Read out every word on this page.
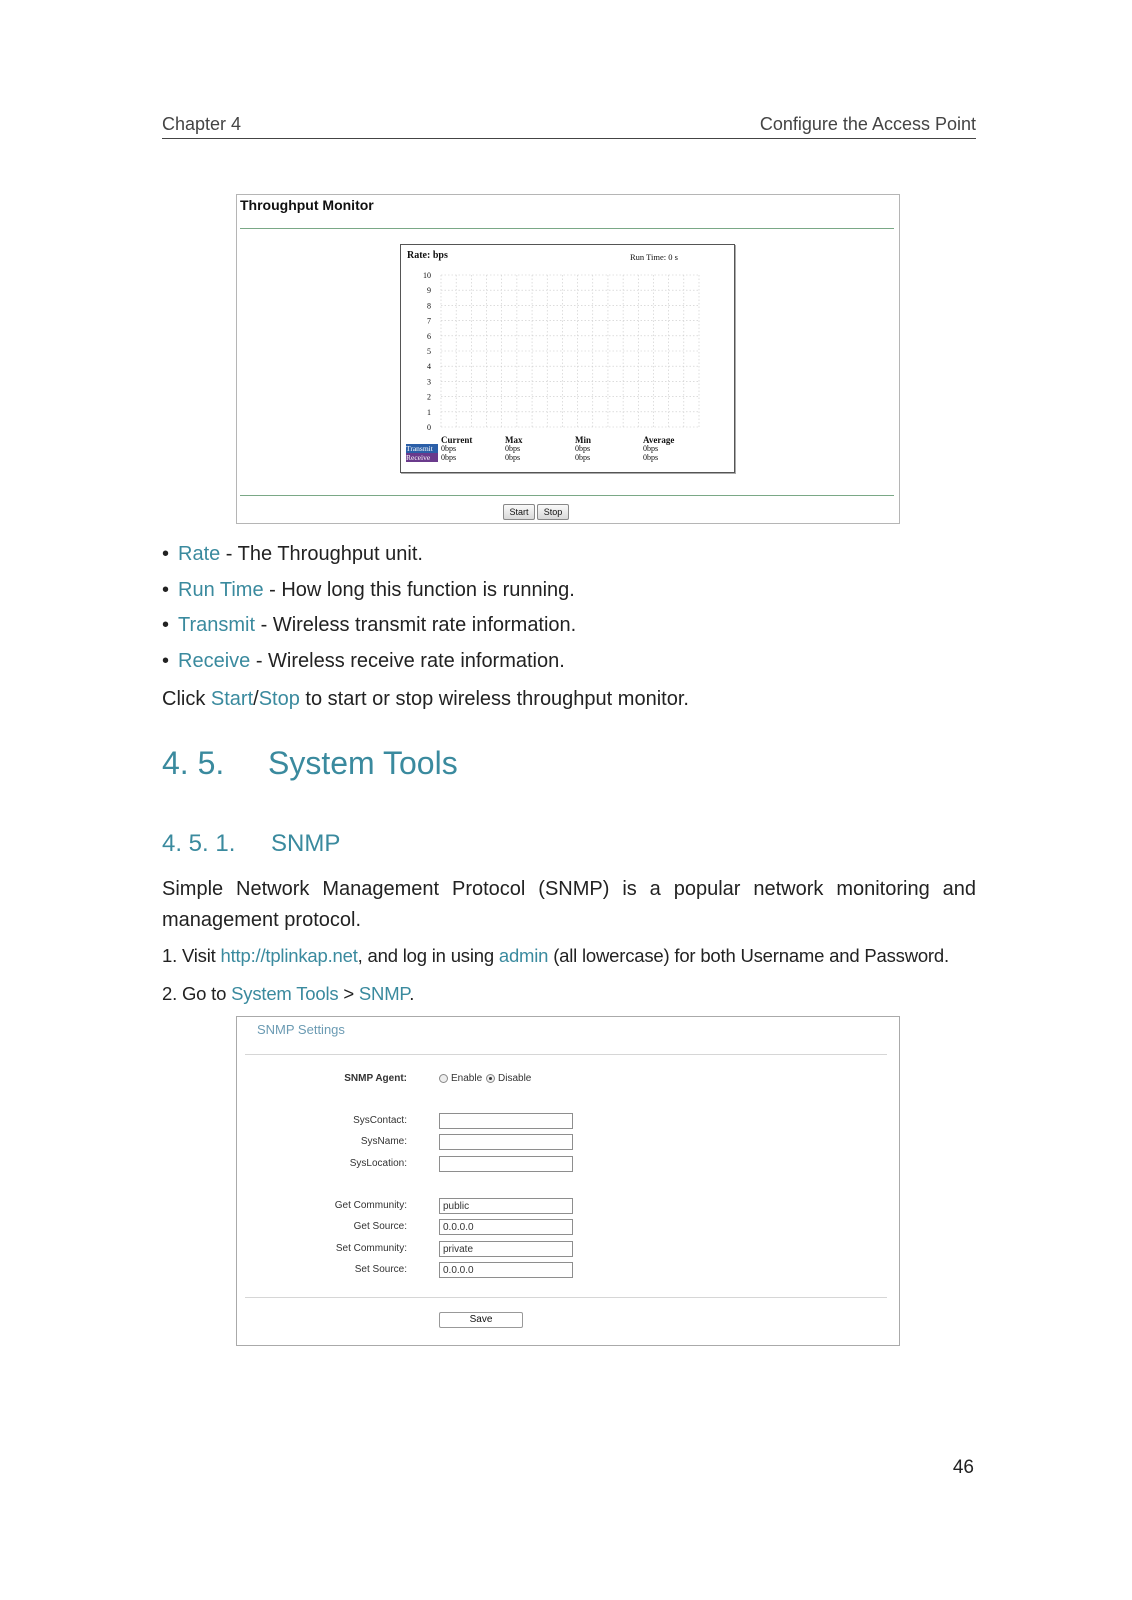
Chapter 4	Configure the Access Point
Throughput Monitor
Rate: bps	Run Time: 0 s
10
9
8
7
6
5
4
3
2
1
0
Current	Max	Min	Average
Transmit	0bps	0bps	0bps	0bps
Receive	0bps	0bps	0bps	0bps
Start	Stop
• Rate - The Throughput unit.
• Run Time - How long this function is running.
• Transmit - Wireless transmit rate information.
• Receive - Wireless receive rate information.
Click Start/Stop to start or stop wireless throughput monitor.
4. 5. System Tools
4. 5. 1. SNMP
Simple Network Management Protocol (SNMP) is a popular network monitoring and management protocol.
1. Visit http://tplinkap.net, and log in using admin (all lowercase) for both Username and Password.
2. Go to System Tools > SNMP.
SNMP Settings
SNMP Agent:	Enable Disable
SysContact:
SysName:
SysLocation:
Get Community:	public
Get Source:	0.0.0.0
Set Community:	private
Set Source:	0.0.0.0
Save
46
